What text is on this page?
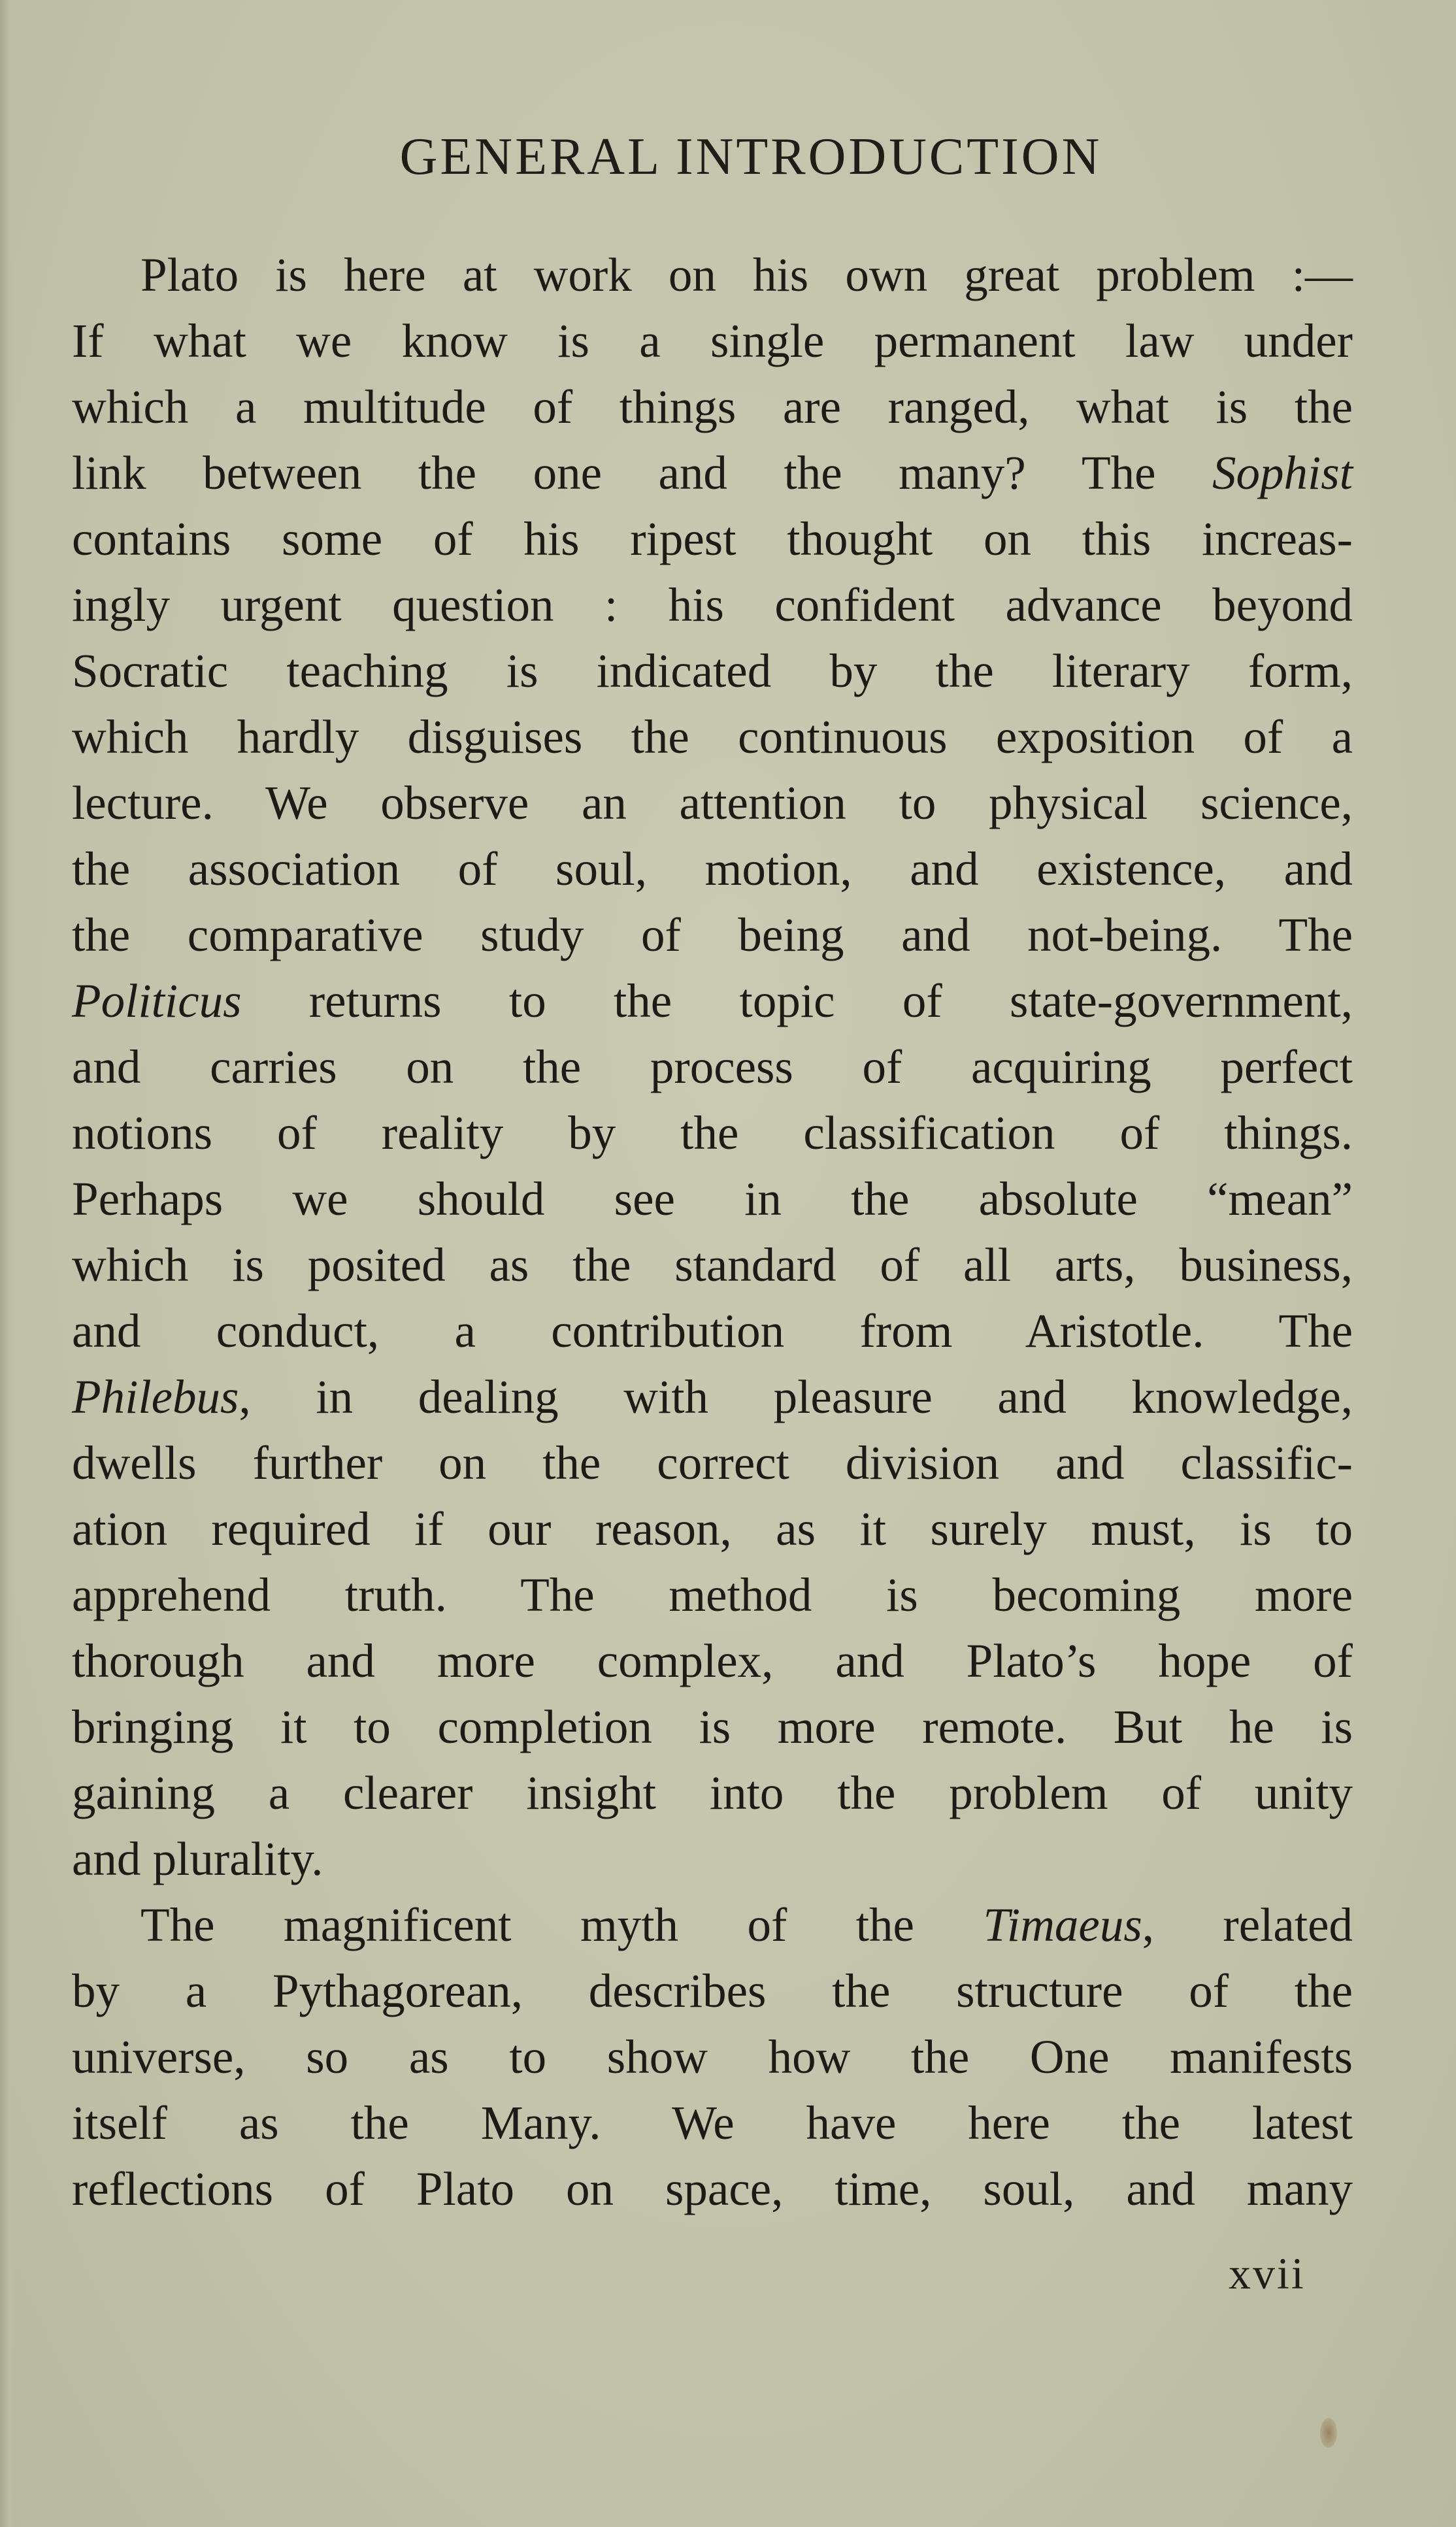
GENERAL INTRODUCTION

Plato is here at work on his own great problem :—
If what we know is a single permanent law under
which a multitude of things are ranged, what is the
link between the one and the many? The Sophist
contains some of his ripest thought on this increas-
ingly urgent question : his confident advance beyond
Socratic teaching is indicated by the literary form,
which hardly disguises the continuous exposition of a
lecture. We observe an attention to physical science,
the association of soul, motion, and existence, and
the comparative study of being and not-being. The
Politicus returns to the topic of state-government,
and carries on the process of acquiring perfect
notions of reality by the classification of things.
Perhaps we should see in the absolute “mean”
which is posited as the standard of all arts, business,
and conduct, a contribution from Aristotle. The
Philebus, in dealing with pleasure and knowledge,
dwells further on the correct division and classific-
ation required if our reason, as it surely must, is to
apprehend truth. The method is becoming more
thorough and more complex, and Plato’s hope of
bringing it to completion is more remote. But he is
gaining a clearer insight into the problem of unity
and plurality.

The magnificent myth of the Timaeus, related
by a Pythagorean, describes the structure of the
universe, so as to show how the One manifests
itself as the Many. We have here the latest
reflections of Plato on space, time, soul, and many

xvii
